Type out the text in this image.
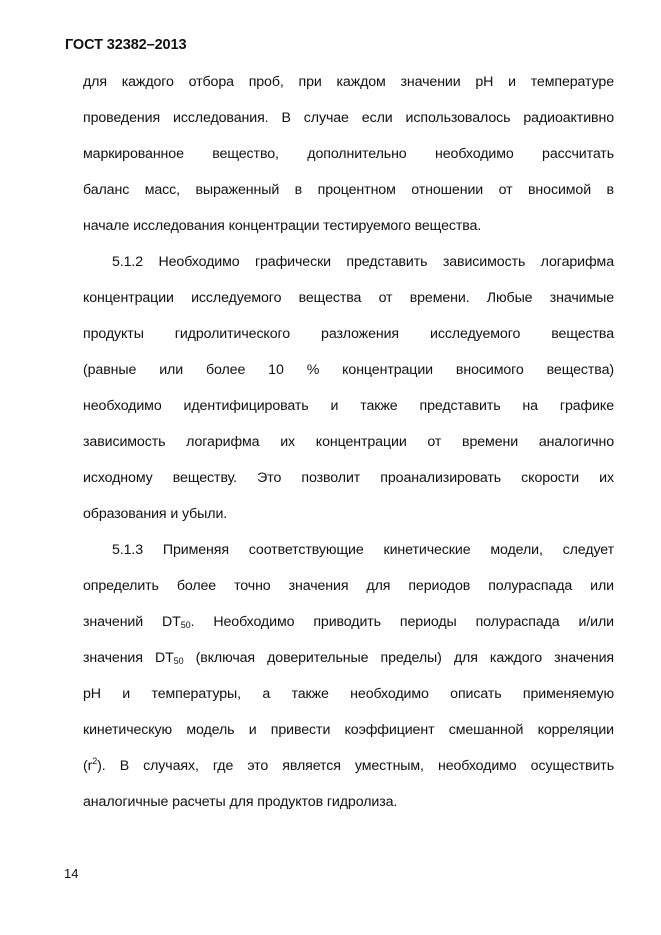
ГОСТ 32382–2013
для каждого отбора проб, при каждом значении pH и температуре
проведения исследования. В случае если использовалось радиоактивно
маркированное вещество, дополнительно необходимо рассчитать
баланс масс, выраженный в процентном отношении от вносимой в
начале исследования концентрации тестируемого вещества.
5.1.2 Необходимо графически представить зависимость логарифма
концентрации исследуемого вещества от времени. Любые значимые
продукты гидролитического разложения исследуемого вещества
(равные или более 10 % концентрации вносимого вещества)
необходимо идентифицировать и также представить на графике
зависимость логарифма их концентрации от времени аналогично
исходному веществу. Это позволит проанализировать скорости их
образования и убыли.
5.1.3 Применяя соответствующие кинетические модели, следует
определить более точно значения для периодов полураспада или
значений $DT_{50}$. Необходимо приводить периоды полураспада и/или
значения $DT_{50}$ (включая доверительные пределы) для каждого значения
pH и температуры, а также необходимо описать применяемую
кинетическую модель и привести коэффициент смешанной корреляции
$(r^2)$. В случаях, где это является уместным, необходимо осуществить
аналогичные расчеты для продуктов гидролиза.
14
